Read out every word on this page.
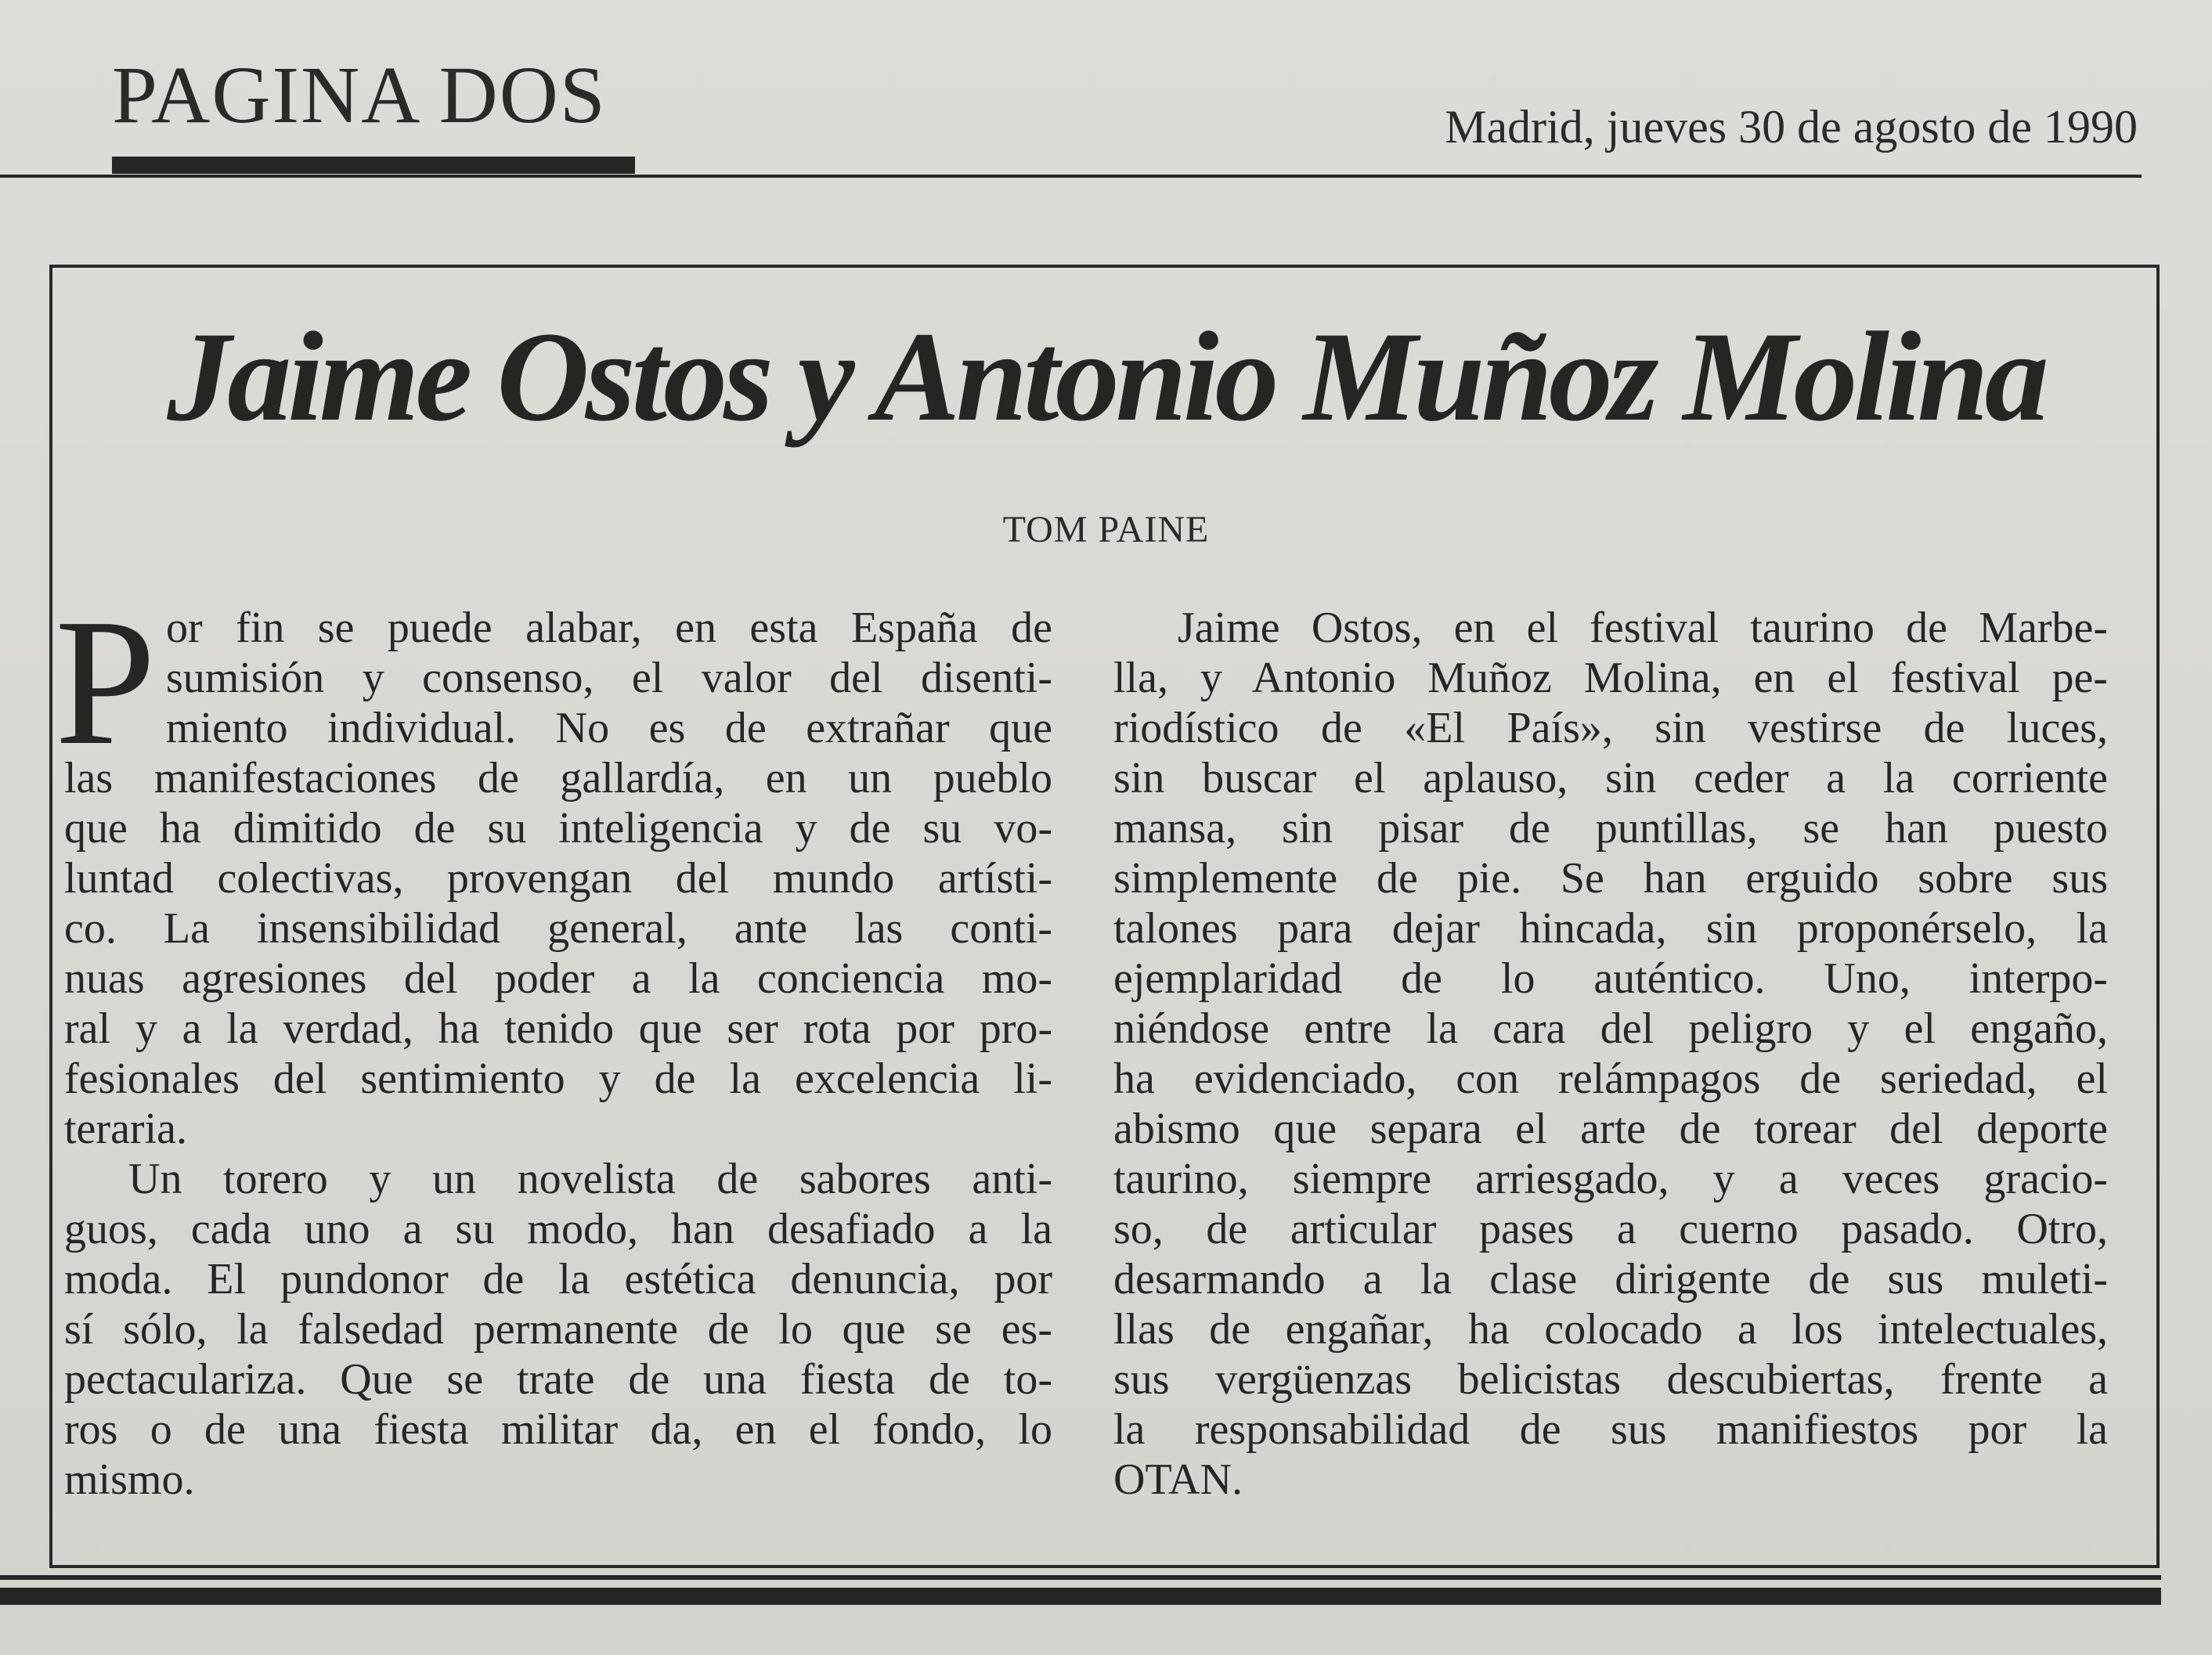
PAGINA DOS	Madrid, jueves 30 de agosto de 1990
Jaime Ostos y Antonio Muñoz Molina
TOM PAINE
P or fin se puede alabar, en esta España de
sumisión y consenso, el valor del disenti-
miento individual. No es de extrañar que
las manifestaciones de gallardía, en un pueblo
que ha dimitido de su inteligencia y de su vo-
luntad colectivas, provengan del mundo artísti-
co. La insensibilidad general, ante las conti-
nuas agresiones del poder a la conciencia mo-
ral y a la verdad, ha tenido que ser rota por pro-
fesionales del sentimiento y de la excelencia li-
teraria.
Un torero y un novelista de sabores anti-
guos, cada uno a su modo, han desafiado a la
moda. El pundonor de la estética denuncia, por
sí sólo, la falsedad permanente de lo que se es-
pectaculariza. Que se trate de una fiesta de to-
ros o de una fiesta militar da, en el fondo, lo
mismo.
Jaime Ostos, en el festival taurino de Marbe-
lla, y Antonio Muñoz Molina, en el festival pe-
riodístico de «El País», sin vestirse de luces,
sin buscar el aplauso, sin ceder a la corriente
mansa, sin pisar de puntillas, se han puesto
simplemente de pie. Se han erguido sobre sus
talones para dejar hincada, sin proponérselo, la
ejemplaridad de lo auténtico. Uno, interpo-
niéndose entre la cara del peligro y el engaño,
ha evidenciado, con relámpagos de seriedad, el
abismo que separa el arte de torear del deporte
taurino, siempre arriesgado, y a veces gracio-
so, de articular pases a cuerno pasado. Otro,
desarmando a la clase dirigente de sus muleti-
llas de engañar, ha colocado a los intelectuales,
sus vergüenzas belicistas descubiertas, frente a
la responsabilidad de sus manifiestos por la
OTAN.
